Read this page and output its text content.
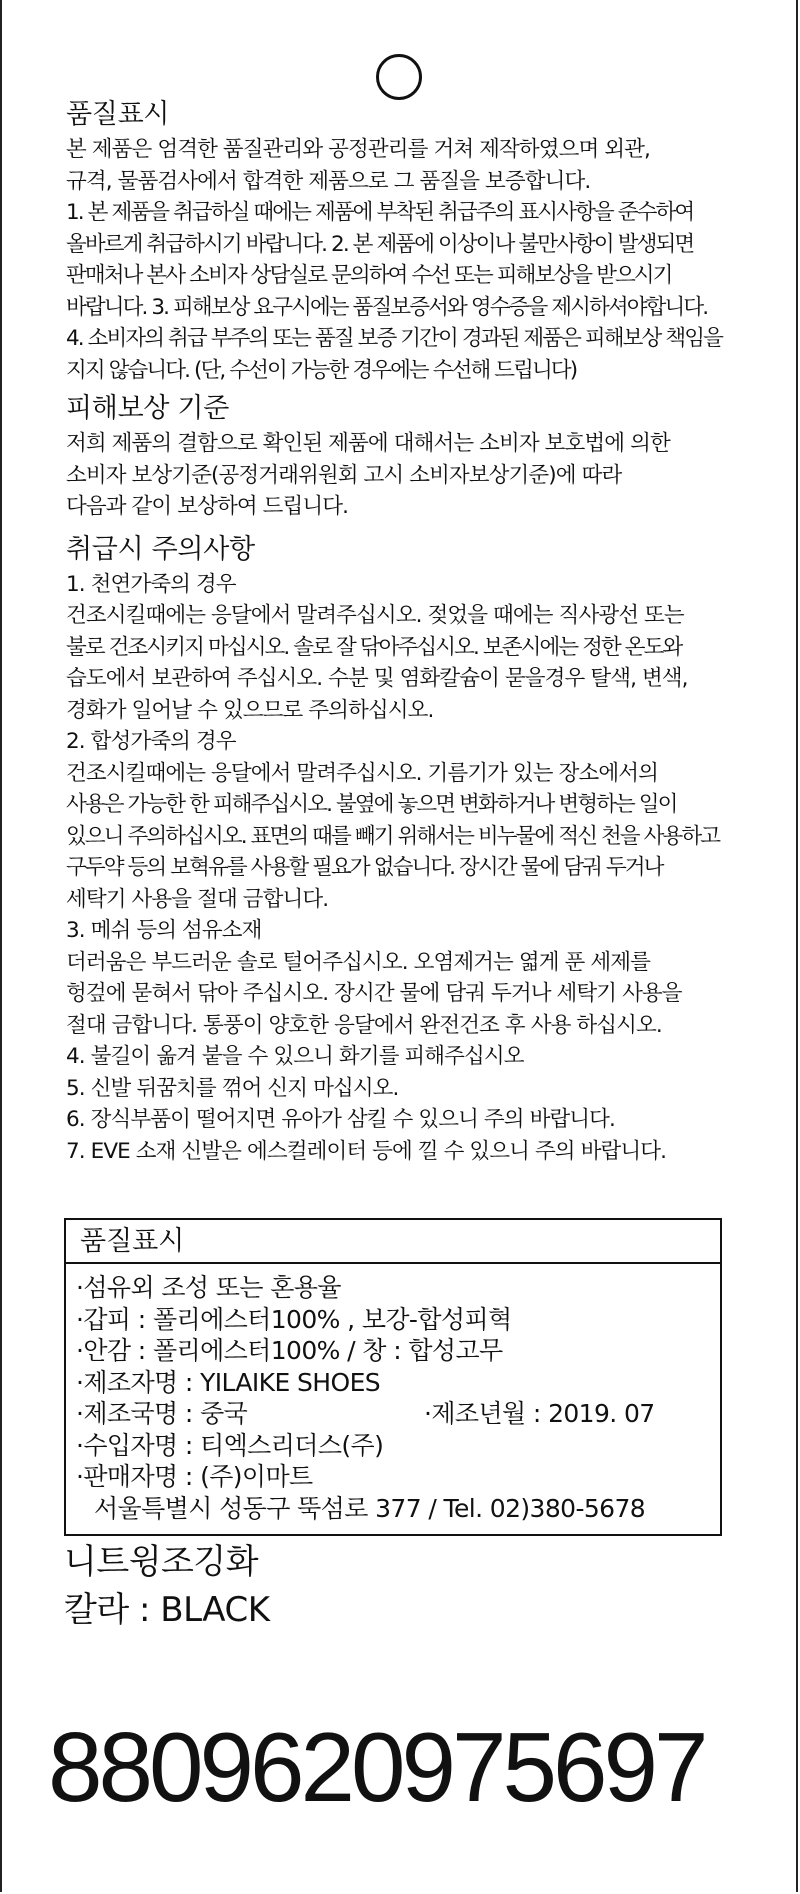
품질표시

본 제품은 엄격한 품질관리와 공정관리를 거쳐 제작하였으며 외관,

규격, 물품검사에서 합격한 제품으로 그 품질을 보증합니다.

1. 본 제품을 취급하실 때에는 제품에 부착된 취급주의 표시사항을 준수하여

올바르게 취급하시기 바랍니다. 2. 본 제품에 이상이나 불만사항이 발생되면

판매처나 본사 소비자 상담실로 문의하여 수선 또는 피해보상을 받으시기

바랍니다. 3. 피해보상 요구시에는 품질보증서와 영수증을 제시하셔야합니다.

4. 소비자의 취급 부주의 또는 품질 보증 기간이 경과된 제품은 피해보상 책임을

지지 않습니다. (단, 수선이 가능한 경우에는 수선해 드립니다)

피해보상 기준

저희 제품의 결함으로 확인된 제품에 대해서는 소비자 보호법에 의한

소비자 보상기준(공정거래위원회 고시 소비자보상기준)에 따라

다음과 같이 보상하여 드립니다.

취급시 주의사항

1. 천연가죽의 경우

건조시킬때에는 응달에서 말려주십시오. 젖었을 때에는 직사광선 또는

불로 건조시키지 마십시오. 솔로 잘 닦아주십시오. 보존시에는 정한 온도와

습도에서 보관하여 주십시오. 수분 및 염화칼슘이 묻을경우 탈색, 변색,

경화가 일어날 수 있으므로 주의하십시오.

2. 합성가죽의 경우

건조시킬때에는 응달에서 말려주십시오. 기름기가 있는 장소에서의

사용은 가능한 한 피해주십시오. 불옆에 놓으면 변화하거나 변형하는 일이

있으니 주의하십시오. 표면의 때를 빼기 위해서는 비누물에 적신 천을 사용하고

구두약 등의 보혁유를 사용할 필요가 없습니다. 장시간 물에 담궈 두거나

세탁기 사용을 절대 금합니다.

3. 메쉬 등의 섬유소재

더러움은 부드러운 솔로 털어주십시오. 오염제거는 엷게 푼 세제를

헝겊에 묻혀서 닦아 주십시오. 장시간 물에 담궈 두거나 세탁기 사용을

절대 금합니다. 통풍이 양호한 응달에서 완전건조 후 사용 하십시오.

4. 불길이 옮겨 붙을 수 있으니 화기를 피해주십시오

5. 신발 뒤꿈치를 꺾어 신지 마십시오.

6. 장식부품이 떨어지면 유아가 삼킬 수 있으니 주의 바랍니다.

7. EVE 소재 신발은 에스컬레이터 등에 낄 수 있으니 주의 바랍니다.

품질표시
·섬유외 조성 또는 혼용율
·갑피 : 폴리에스터100% , 보강-합성피혁
·안감 : 폴리에스터100% / 창 : 합성고무
·제조자명 : YILAIKE SHOES
·제조국명 : 중국	·제조년월 : 2019. 07
·수입자명 : 티엑스리더스(주)
·판매자명 : (주)이마트
서울특별시 성동구 뚝섬로 377 / Tel. 02)380-5678
니트윙조깅화
칼라 : BLACK
8809620975697
